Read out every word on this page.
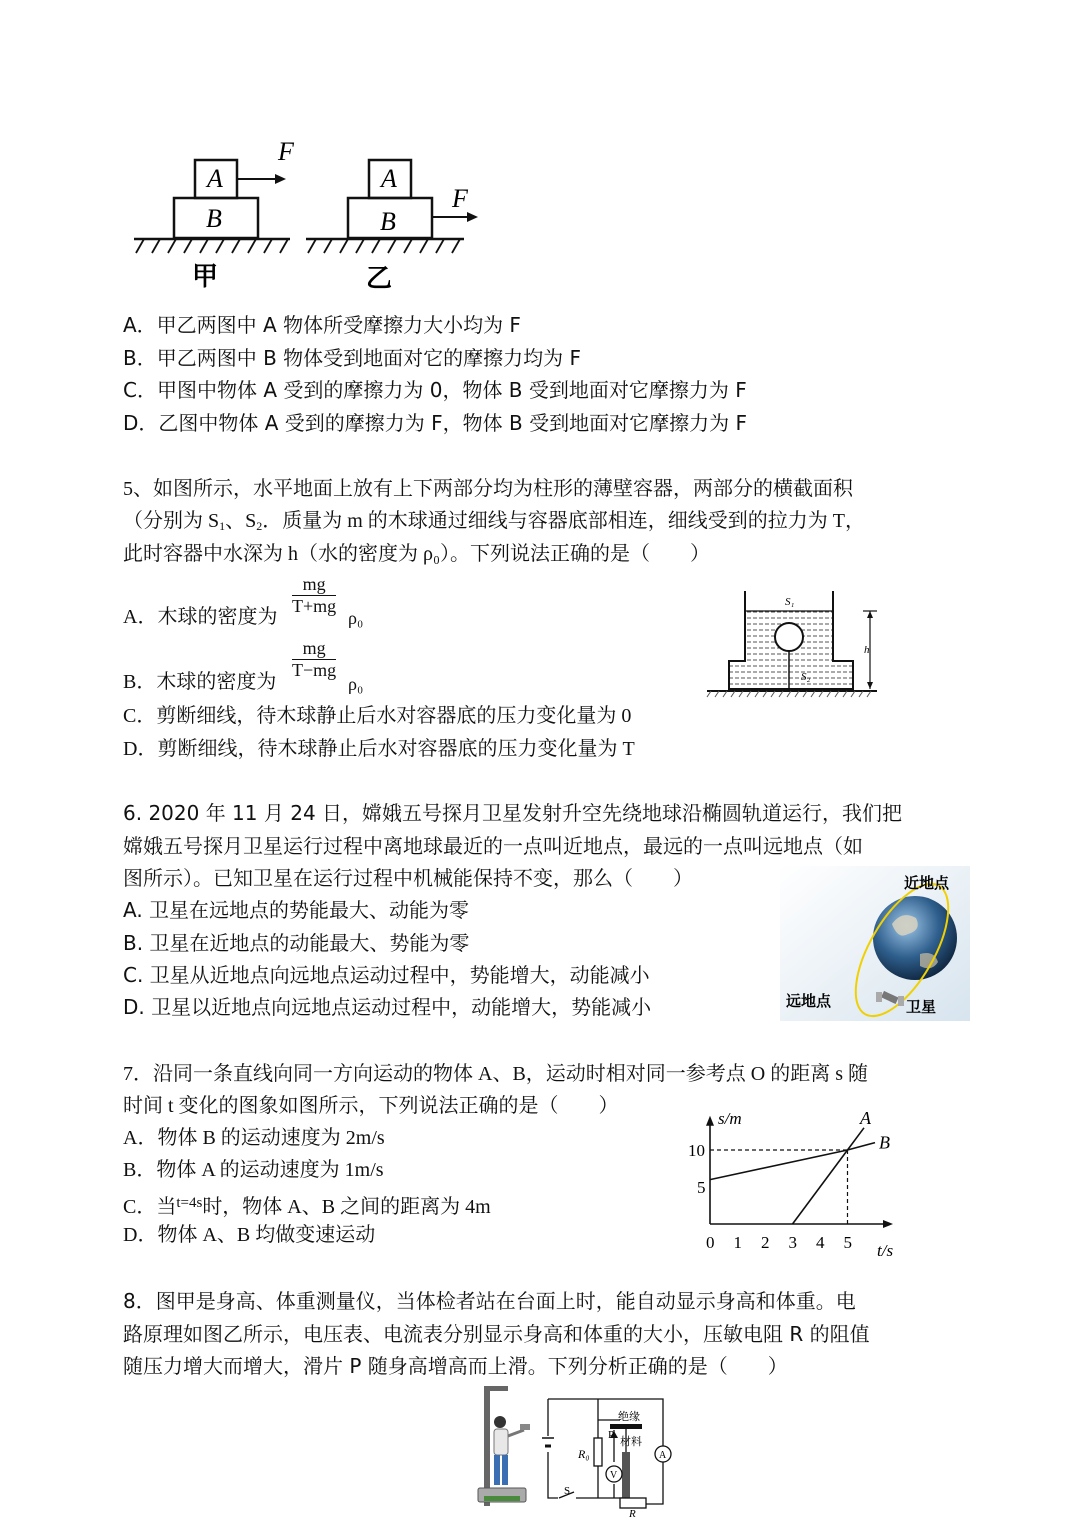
A
B
F
甲
A
B
F
乙
A．甲乙两图中 A 物体所受摩擦力大小均为 F
B．甲乙两图中 B 物体受到地面对它的摩擦力均为 F
C．甲图中物体 A 受到的摩擦力为 0，物体 B 受到地面对它摩擦力为 F
D．乙图中物体 A 受到的摩擦力为 F，物体 B 受到地面对它摩擦力为 F
5、如图所示，水平地面上放有上下两部分均为柱形的薄壁容器，两部分的横截面积
（分别为 $S_1$、$S_2$．质量为 m 的木球通过细线与容器底部相连，细线受到的拉力为 T，
此时容器中水深为 h（水的密度为 ρ₀）。下列说法正确的是（　　）
A．木球的密度为 $\frac{mg}{T+mg}$
ρ₀
B．木球的密度为
$\frac{mg}{T-mg}$
ρ₀
C．剪断细线，待木球静止后水对容器底的压力变化量为 0
D．剪断细线，待木球静止后水对容器底的压力变化量为 T
S₁
S₂
h
6. 2020 年 11 月 24 日，嫦娥五号探月卫星发射升空先绕地球沿椭圆轨道运行，我们把
嫦娥五号探月卫星运行过程中离地球最近的一点叫近地点，最远的一点叫远地点（如
图所示）。已知卫星在运行过程中机械能保持不变，那么（　　）
A. 卫星在远地点的势能最大、动能为零
B. 卫星在近地点的动能最大、势能为零
C. 卫星从近地点向远地点运动过程中，势能增大，动能减小
D. 卫星以近地点向远地点运动过程中，动能增大，势能减小
近地点
远地点	卫星
7．沿同一条直线向同一方向运动的物体 A、B，运动时相对同一参考点 O 的距离 s 随
时间 t 变化的图象如图所示，下列说法正确的是（　　）
A．物体 B 的运动速度为 2m/s
B．物体 A 的运动速度为 1m/s
C．当$^{t=4s}$时，物体 A、B 之间的距离为 4m
D．物体 A、B 均做变速运动
s/m
t/s
A
B
0 1 2 3 4 5
5
10
8．图甲是身高、体重测量仪，当体检者站在台面上时，能自动显示身高和体重。电
路原理如图乙所示，电压表、电流表分别显示身高和体重的大小，压敏电阻 R 的阻值
随压力增大而增大，滑片 P 随身高增高而上滑。下列分析正确的是（　　）
绝缘
P 材料
R₀	A
V
S
R
